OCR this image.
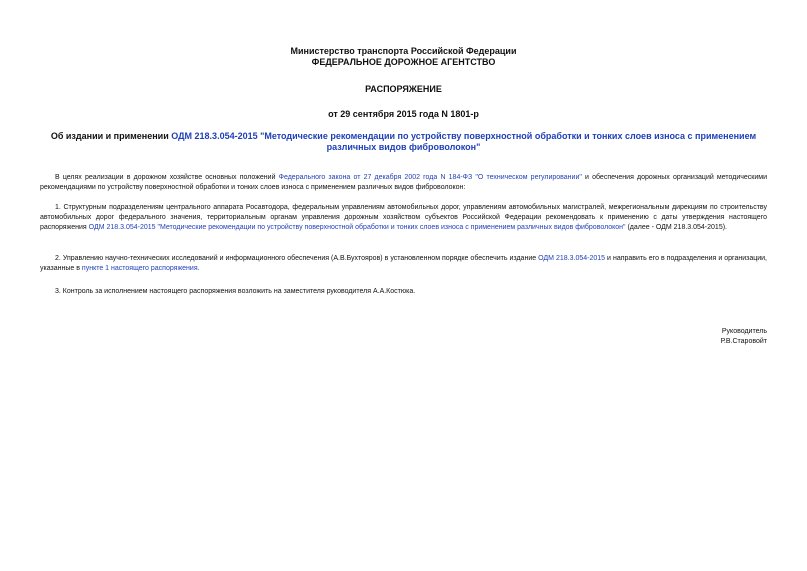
Министерство транспорта Российской Федерации
ФЕДЕРАЛЬНОЕ ДОРОЖНОЕ АГЕНТСТВО
РАСПОРЯЖЕНИЕ
от 29 сентября 2015 года N 1801-р
Об издании и применении ОДМ 218.3.054-2015 "Методические рекомендации по устройству поверхностной обработки и тонких слоев износа с применением различных видов фиброволокон"
В целях реализации в дорожном хозяйстве основных положений Федерального закона от 27 декабря 2002 года N 184-ФЗ "О техническом регулировании" и обеспечения дорожных организаций методическими рекомендациями по устройству поверхностной обработки и тонких слоев износа с применением различных видов фиброволокон:
1. Структурным подразделениям центрального аппарата Росавтодора, федеральным управлениям автомобильных дорог, управлениям автомобильных магистралей, межрегиональным дирекциям по строительству автомобильных дорог федерального значения, территориальным органам управления дорожным хозяйством субъектов Российской Федерации рекомендовать к применению с даты утверждения настоящего распоряжения ОДМ 218.3.054-2015 "Методические рекомендации по устройству поверхностной обработки и тонких слоев износа с применением различных видов фиброволокон" (далее - ОДМ 218.3.054-2015).
2. Управлению научно-технических исследований и информационного обеспечения (А.В.Бухтояров) в установленном порядке обеспечить издание ОДМ 218.3.054-2015 и направить его в подразделения и организации, указанные в пункте 1 настоящего распоряжения.
3. Контроль за исполнением настоящего распоряжения возложить на заместителя руководителя А.А.Костюка.
Руководитель
Р.В.Старовойт
